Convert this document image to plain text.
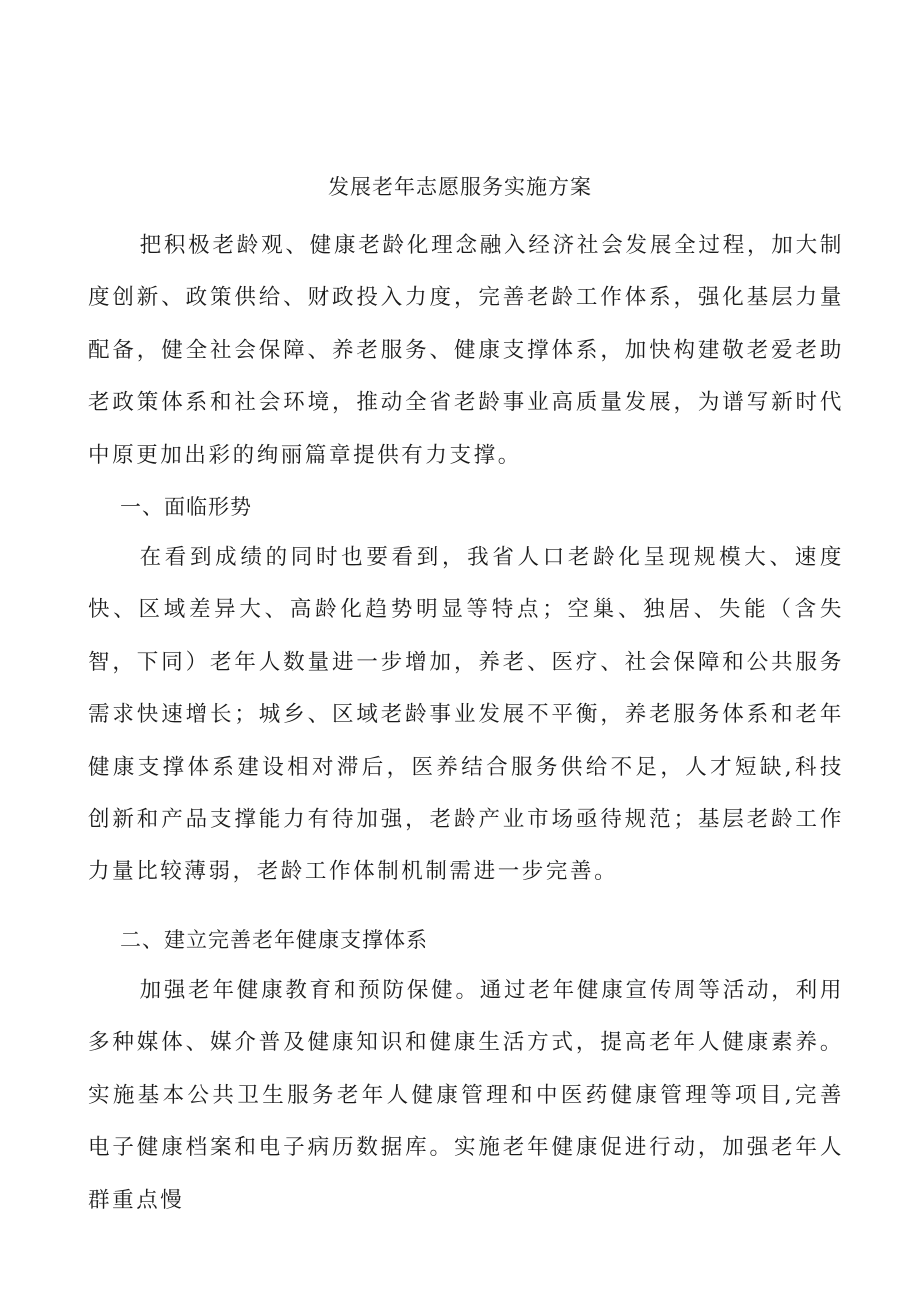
发展老年志愿服务实施方案

把积极老龄观、健康老龄化理念融入经济社会发展全过程，加大制度创新、政策供给、财政投入力度，完善老龄工作体系，强化基层力量配备，健全社会保障、养老服务、健康支撑体系，加快构建敬老爱老助老政策体系和社会环境，推动全省老龄事业高质量发展，为谱写新时代中原更加出彩的绚丽篇章提供有力支撑。

一、面临形势

在看到成绩的同时也要看到，我省人口老龄化呈现规模大、速度快、区域差异大、高龄化趋势明显等特点；空巢、独居、失能（含失智，下同）老年人数量进一步增加，养老、医疗、社会保障和公共服务需求快速增长；城乡、区域老龄事业发展不平衡，养老服务体系和老年健康支撑体系建设相对滞后，医养结合服务供给不足，人才短缺,科技创新和产品支撑能力有待加强，老龄产业市场亟待规范；基层老龄工作力量比较薄弱，老龄工作体制机制需进一步完善。

二、建立完善老年健康支撑体系

加强老年健康教育和预防保健。通过老年健康宣传周等活动，利用多种媒体、媒介普及健康知识和健康生活方式，提高老年人健康素养。实施基本公共卫生服务老年人健康管理和中医药健康管理等项目,完善电子健康档案和电子病历数据库。实施老年健康促进行动，加强老年人群重点慢
